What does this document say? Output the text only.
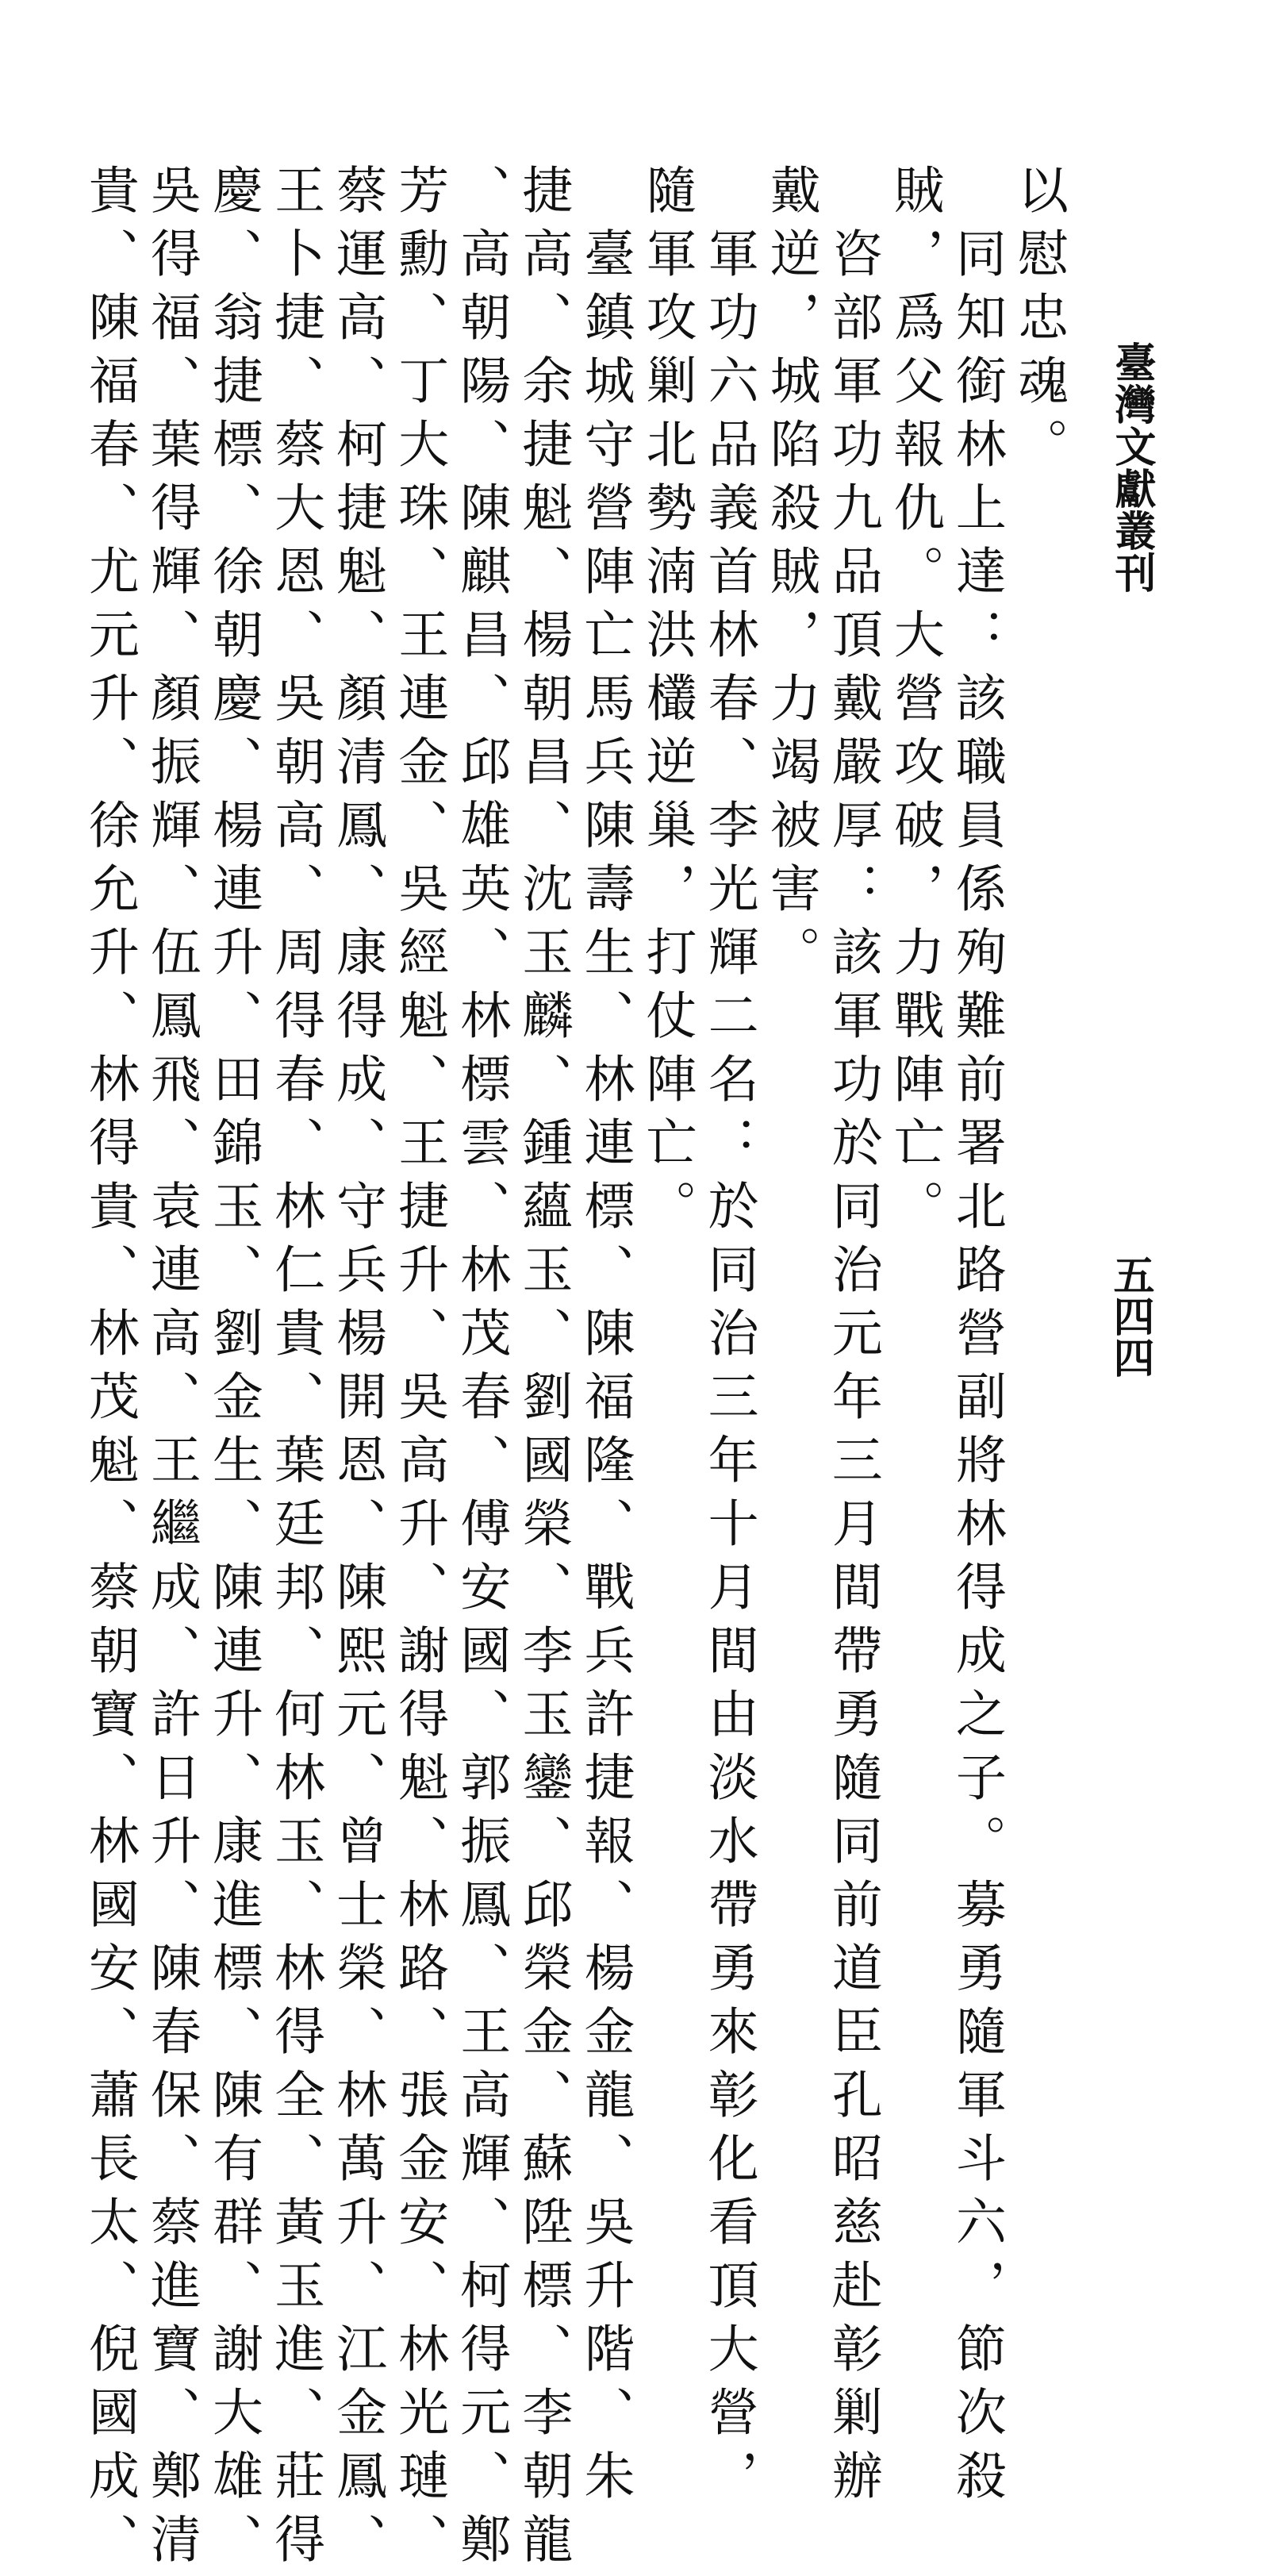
臺灣文獻叢刊
五四四
以慰忠魂。
　同知銜林上達：該職員係殉難前署北路營副將林得成之子。募勇隨軍斗六，節次殺
賊，爲父報仇。大營攻破，力戰陣亡。
　咨部軍功九品頂戴嚴厚：該軍功於同治元年三月間帶勇隨同前道臣孔昭慈赴彰剿辦
戴逆，城陷殺賊，力竭被害。
　軍功六品義首林春、李光輝二名：於同治三年十月間由淡水帶勇來彰化看頂大營，
隨軍攻剿北勢湳洪欉逆巢，打仗陣亡。
　臺鎮城守營陣亡馬兵陳壽生、林連標、陳福隆、戰兵許捷報、楊金龍、吳升階、朱
捷高、余捷魁、楊朝昌、沈玉麟、鍾蘊玉、劉國榮、李玉鑾、邱榮金、蘇陞標、李朝龍
、高朝陽、陳麒昌、邱雄英、林標雲、林茂春、傅安國、郭振鳳、王高輝、柯得元、鄭
芳勳、丁大珠、王連金、吳經魁、王捷升、吳高升、謝得魁、林路、張金安、林光璉、
蔡運高、柯捷魁、顏清鳳、康得成、守兵楊開恩、陳熙元、曾士榮、林萬升、江金鳳、
王卜捷、蔡大恩、吳朝高、周得春、林仁貴、葉廷邦、何林玉、林得全、黃玉進、莊得
慶、翁捷標、徐朝慶、楊連升、田錦玉、劉金生、陳連升、康進標、陳有群、謝大雄、
吳得福、葉得輝、顏振輝、伍鳳飛、袁連高、王繼成、許日升、陳春保、蔡進寶、鄭清
貴、陳福春、尤元升、徐允升、林得貴、林茂魁、蔡朝寶、林國安、蕭長太、倪國成、
